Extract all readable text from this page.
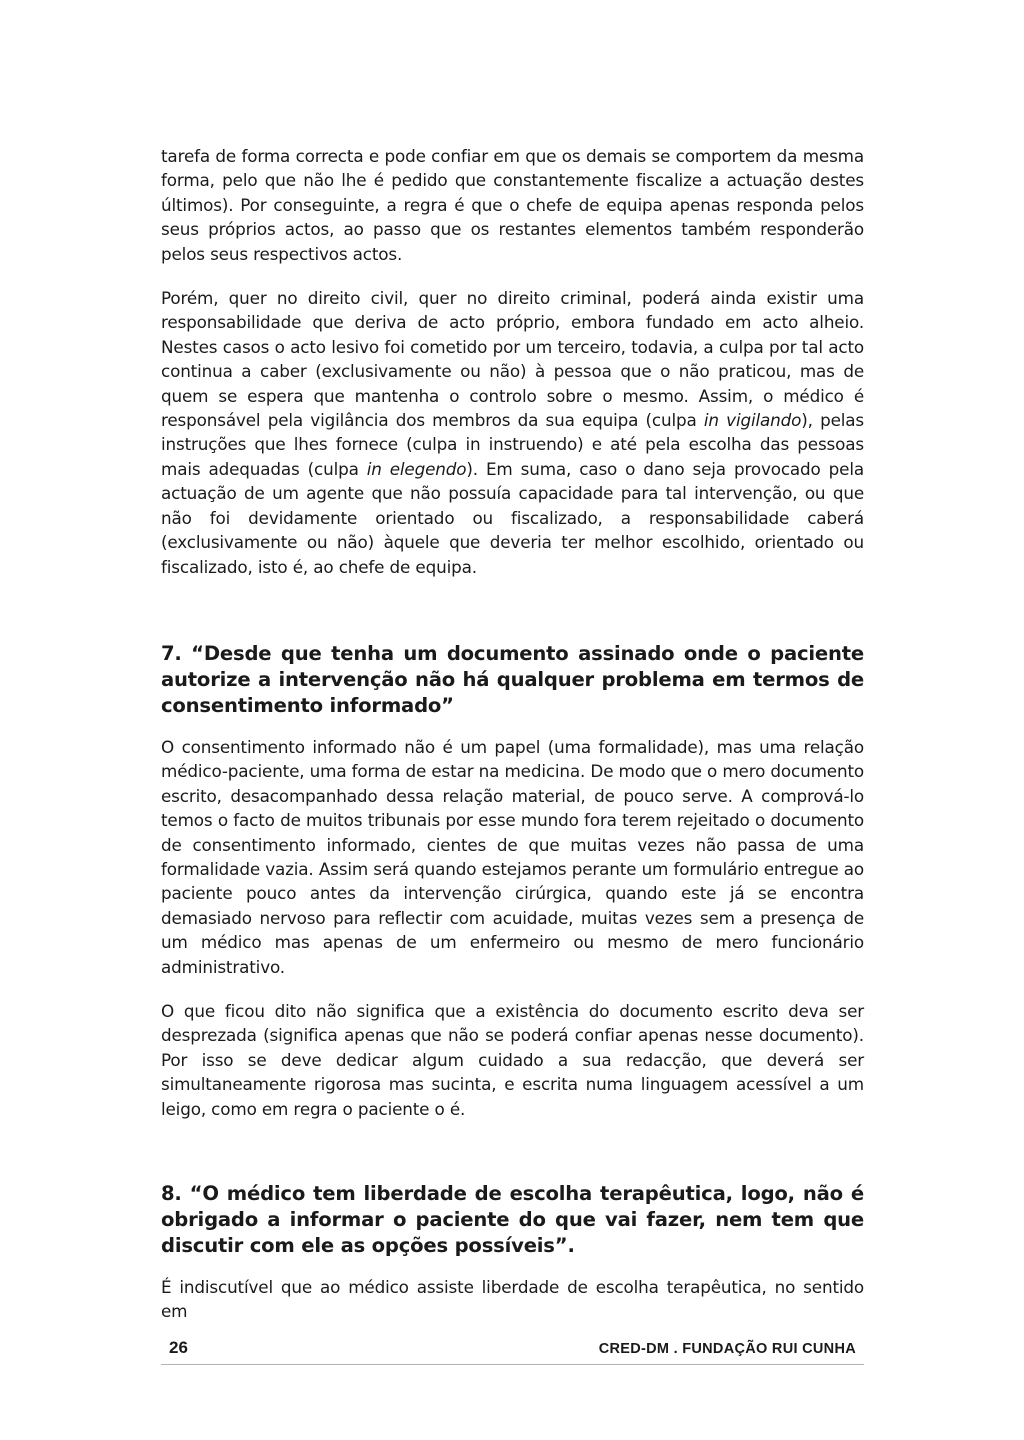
tarefa de forma correcta e pode confiar em que os demais se comportem da mesma forma, pelo que não lhe é pedido que constantemente fiscalize a actuação destes últimos). Por conseguinte, a regra é que o chefe de equipa apenas responda pelos seus próprios actos, ao passo que os restantes elementos também responderão pelos seus respectivos actos.

Porém, quer no direito civil, quer no direito criminal, poderá ainda existir uma responsabilidade que deriva de acto próprio, embora fundado em acto alheio. Nestes casos o acto lesivo foi cometido por um terceiro, todavia, a culpa por tal acto continua a caber (exclusivamente ou não) à pessoa que o não praticou, mas de quem se espera que mantenha o controlo sobre o mesmo. Assim, o médico é responsável pela vigilância dos membros da sua equipa (culpa in vigilando), pelas instruções que lhes fornece (culpa in instruendo) e até pela escolha das pessoas mais adequadas (culpa in elegendo). Em suma, caso o dano seja provocado pela actuação de um agente que não possuía capacidade para tal intervenção, ou que não foi devidamente orientado ou fiscalizado, a responsabilidade caberá (exclusivamente ou não) àquele que deveria ter melhor escolhido, orientado ou fiscalizado, isto é, ao chefe de equipa.

7. “Desde que tenha um documento assinado onde o paciente autorize a intervenção não há qualquer problema em termos de consentimento informado”

O consentimento informado não é um papel (uma formalidade), mas uma relação médico-paciente, uma forma de estar na medicina. De modo que o mero documento escrito, desacompanhado dessa relação material, de pouco serve. A comprová-lo temos o facto de muitos tribunais por esse mundo fora terem rejeitado o documento de consentimento informado, cientes de que muitas vezes não passa de uma formalidade vazia. Assim será quando estejamos perante um formulário entregue ao paciente pouco antes da intervenção cirúrgica, quando este já se encontra demasiado nervoso para reflectir com acuidade, muitas vezes sem a presença de um médico mas apenas de um enfermeiro ou mesmo de mero funcionário administrativo.

O que ficou dito não significa que a existência do documento escrito deva ser desprezada (significa apenas que não se poderá confiar apenas nesse documento). Por isso se deve dedicar algum cuidado a sua redacção, que deverá ser simultaneamente rigorosa mas sucinta, e escrita numa linguagem acessível a um leigo, como em regra o paciente o é.

8. “O médico tem liberdade de escolha terapêutica, logo, não é obrigado a informar o paciente do que vai fazer, nem tem que discutir com ele as opções possíveis”.

É indiscutível que ao médico assiste liberdade de escolha terapêutica, no sentido em

26	CRED-DM . FUNDAÇÃO RUI CUNHA
